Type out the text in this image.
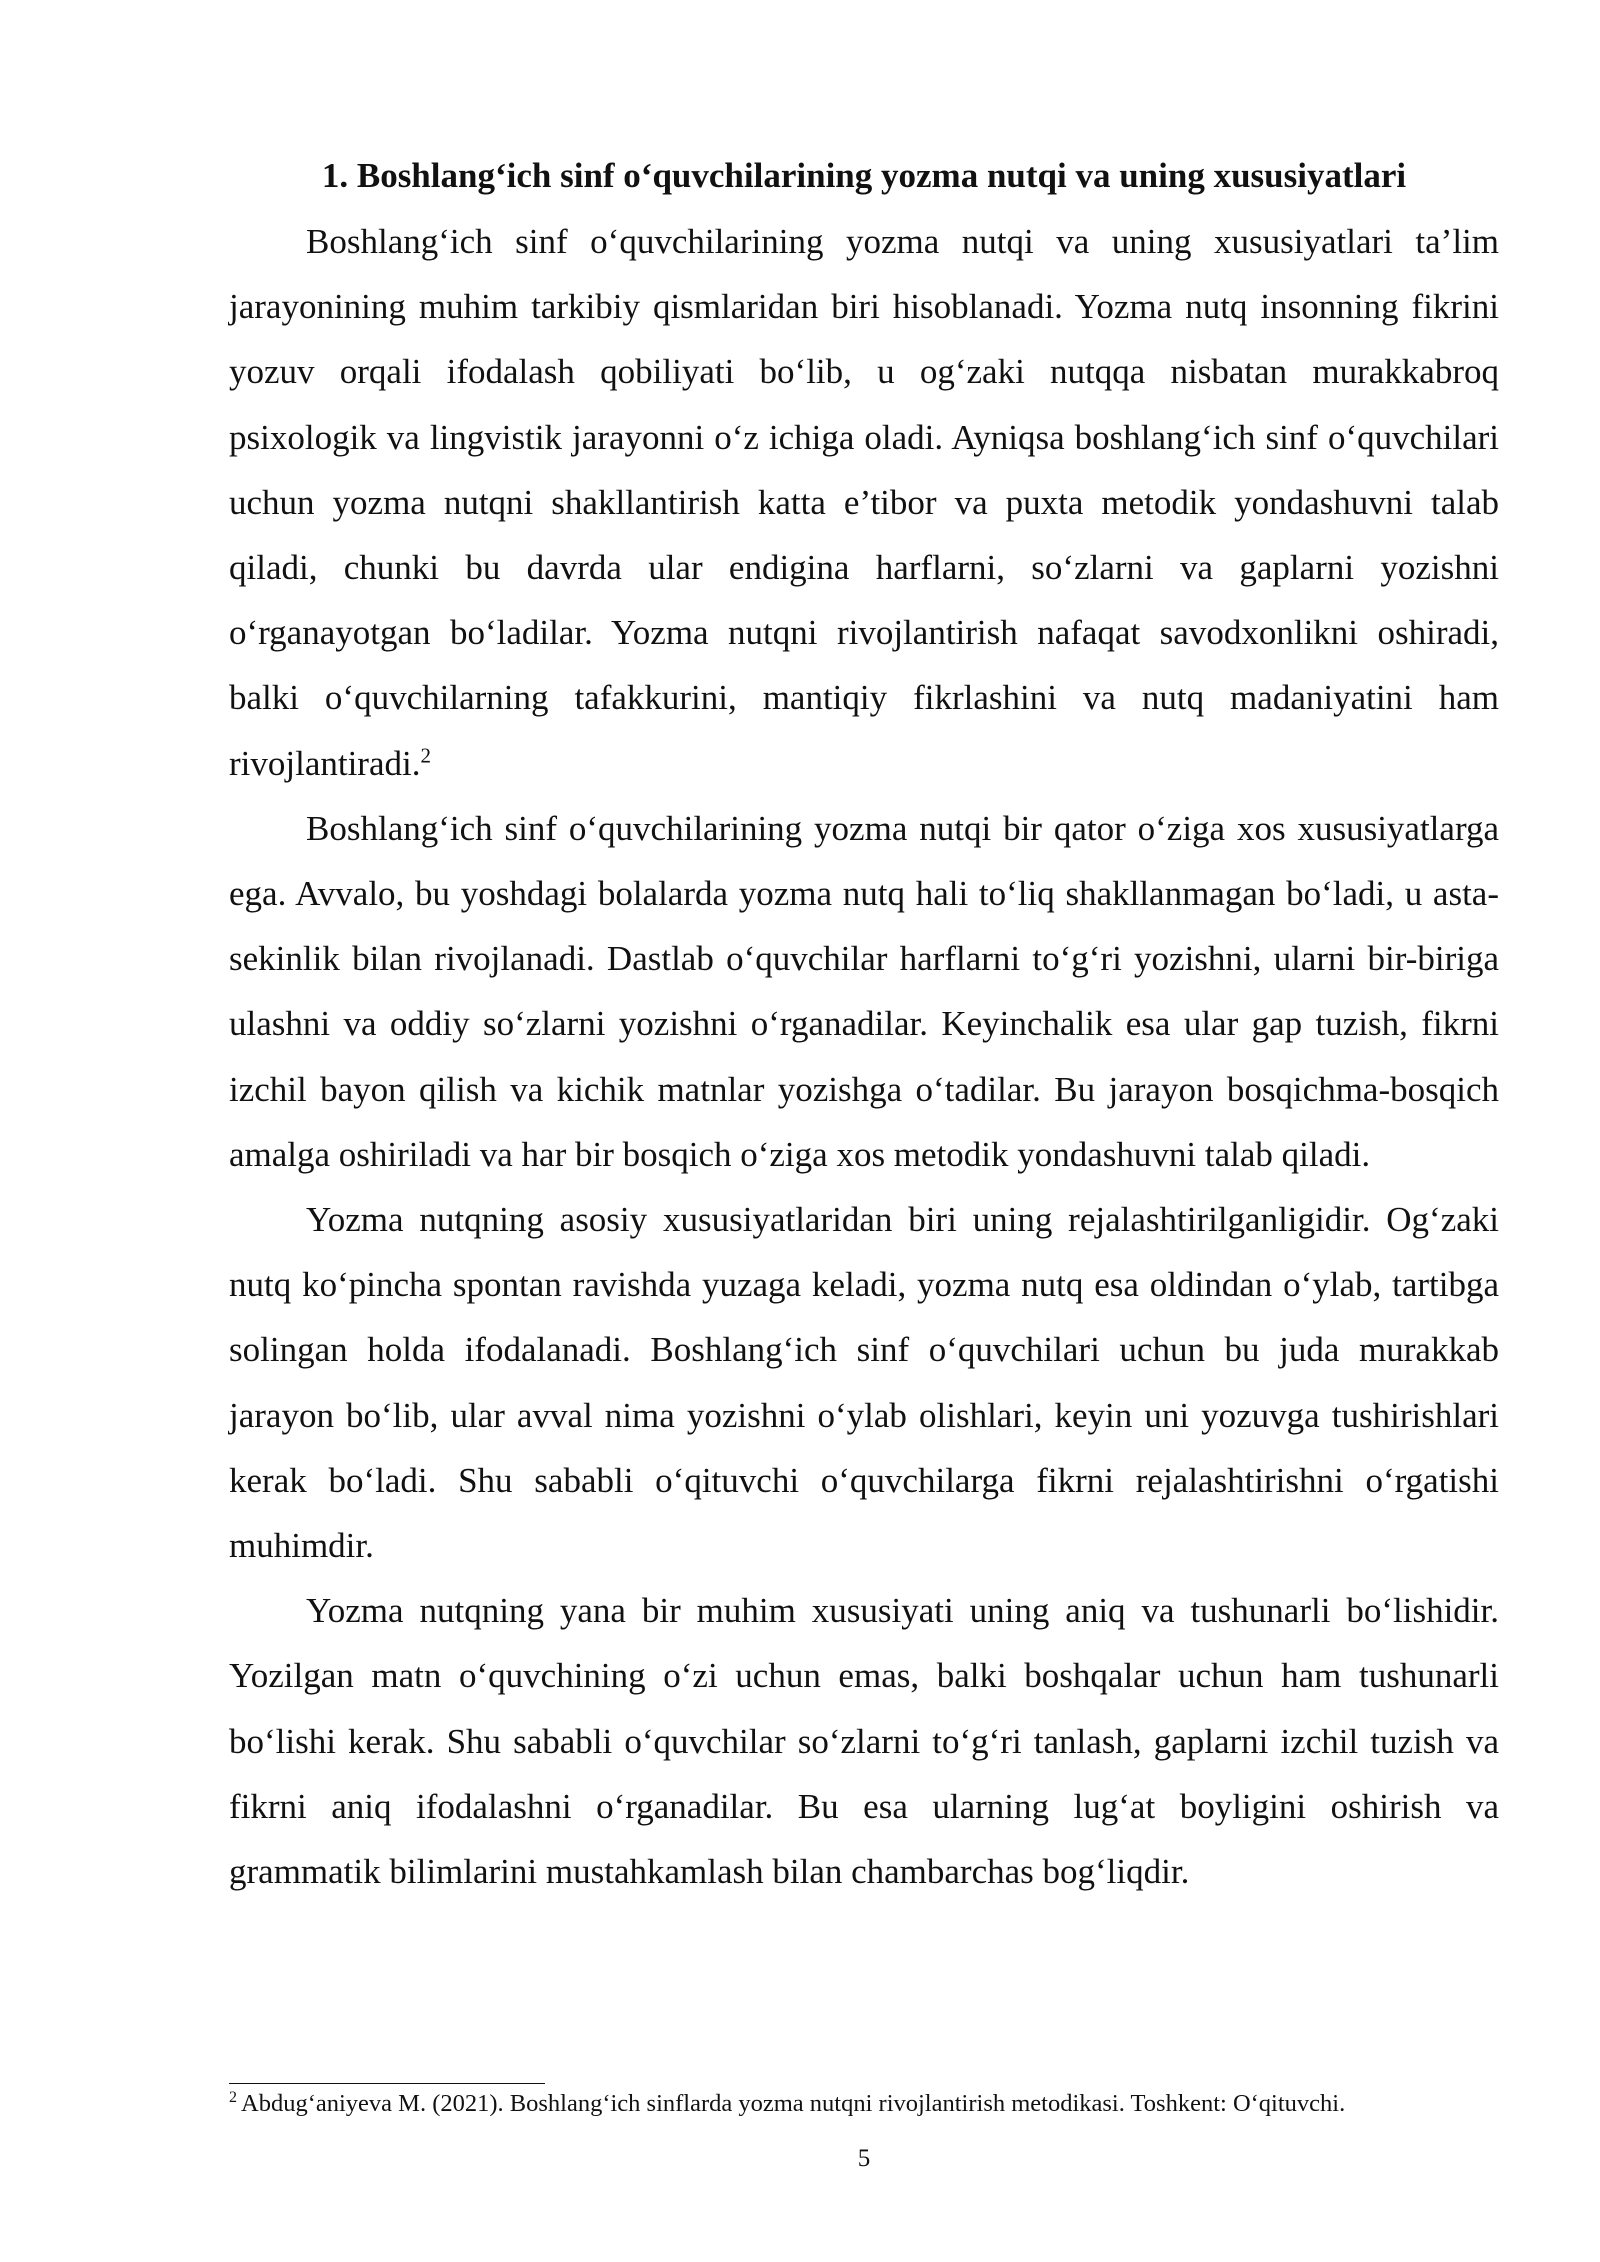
1. Boshlang‘ich sinf o‘quvchilarining yozma nutqi va uning xususiyatlari

Boshlang‘ich sinf o‘quvchilarining yozma nutqi va uning xususiyatlari ta’lim jarayonining muhim tarkibiy qismlaridan biri hisoblanadi. Yozma nutq insonning fikrini yozuv orqali ifodalash qobiliyati bo‘lib, u og‘zaki nutqqa nisbatan murakkabroq psixologik va lingvistik jarayonni o‘z ichiga oladi. Ayniqsa boshlang‘ich sinf o‘quvchilari uchun yozma nutqni shakllantirish katta e’tibor va puxta metodik yondashuvni talab qiladi, chunki bu davrda ular endigina harflarni, so‘zlarni va gaplarni yozishni o‘rganayotgan bo‘ladilar. Yozma nutqni rivojlantirish nafaqat savodxonlikni oshiradi, balki o‘quvchilarning tafakkurini, mantiqiy fikrlashini va nutq madaniyatini ham rivojlantiradi.$^2$

Boshlang‘ich sinf o‘quvchilarining yozma nutqi bir qator o‘ziga xos xususiyatlarga ega. Avvalo, bu yoshdagi bolalarda yozma nutq hali to‘liq shakllanmagan bo‘ladi, u asta-sekinlik bilan rivojlanadi. Dastlab o‘quvchilar harflarni to‘g‘ri yozishni, ularni bir-biriga ulashni va oddiy so‘zlarni yozishni o‘rganadilar. Keyinchalik esa ular gap tuzish, fikrni izchil bayon qilish va kichik matnlar yozishga o‘tadilar. Bu jarayon bosqichma-bosqich amalga oshiriladi va har bir bosqich o‘ziga xos metodik yondashuvni talab qiladi.

Yozma nutqning asosiy xususiyatlaridan biri uning rejalashtirilganligidir. Og‘zaki nutq ko‘pincha spontan ravishda yuzaga keladi, yozma nutq esa oldindan o‘ylab, tartibga solingan holda ifodalanadi. Boshlang‘ich sinf o‘quvchilari uchun bu juda murakkab jarayon bo‘lib, ular avval nima yozishni o‘ylab olishlari, keyin uni yozuvga tushirishlari kerak bo‘ladi. Shu sababli o‘qituvchi o‘quvchilarga fikrni rejalashtirishni o‘rgatishi muhimdir.

Yozma nutqning yana bir muhim xususiyati uning aniq va tushunarli bo‘lishidir. Yozilgan matn o‘quvchining o‘zi uchun emas, balki boshqalar uchun ham tushunarli bo‘lishi kerak. Shu sababli o‘quvchilar so‘zlarni to‘g‘ri tanlash, gaplarni izchil tuzish va fikrni aniq ifodalashni o‘rganadilar. Bu esa ularning lug‘at boyligini oshirish va grammatik bilimlarini mustahkamlash bilan chambarchas bog‘liqdir.

$^2$ Abdug‘aniyeva M. (2021). Boshlang‘ich sinflarda yozma nutqni rivojlantirish metodikasi. Toshkent: O‘qituvchi.

5
